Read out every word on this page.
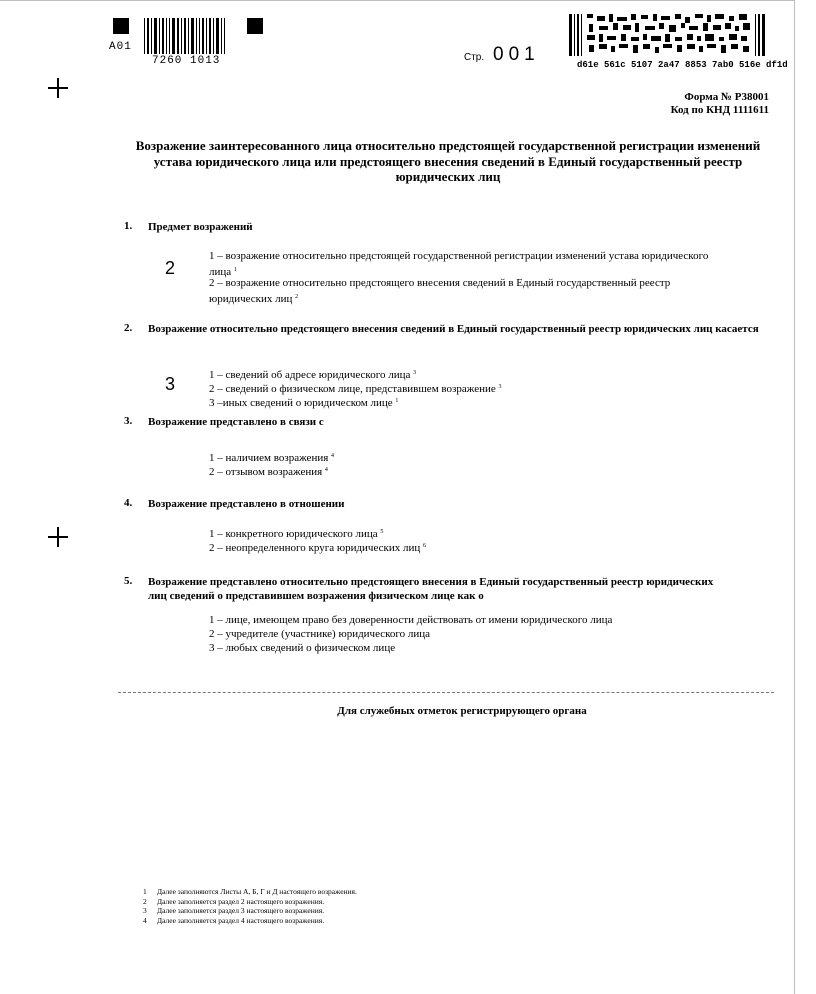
A01
7260 1013	Стр. 001	d61e 561c 5107 2a47 8853 7ab0 516e df1d
Форма № Р38001
Код по КНД 1111611
Возражение заинтересованного лица относительно предстоящей государственной регистрации изменений устава юридического лица или предстоящего внесения сведений в Единый государственный реестр юридических лиц
1. Предмет возражений
2
1 – возражение относительно предстоящей государственной регистрации изменений устава юридического лица $^1$
2 – возражение относительно предстоящего внесения сведений в Единый государственный реестр юридических лиц $^2$
2. Возражение относительно предстоящего внесения сведений в Единый государственный реестр юридических лиц касается
3	1 – сведений об адресе юридического лица $^3$
2 – сведений о физическом лице, представившем возражение $^3$
3 –иных сведений о юридическом лице $^1$
3. Возражение представлено в связи с
1 – наличием возражения $^4$
2 – отзывом возражения $^4$
4. Возражение представлено в отношении
1 – конкретного юридического лица $^5$
2 – неопределенного круга юридических лиц $^6$
5. Возражение представлено относительно предстоящего внесения в Единый государственный реестр юридических лиц сведений о представившем возражения физическом лице как о
1 – лице, имеющем право без доверенности действовать от имени юридического лица
2 – учредителе (участнике) юридического лица
3 – любых сведений о физическом лице
Для служебных отметок регистрирующего органа
1 Далее заполняются Листы А, Б, Г и Д настоящего возражения.
2 Далее заполняется раздел 2 настоящего возражения.
3 Далее заполняется раздел 3 настоящего возражения.
4 Далее заполняется раздел 4 настоящего возражения.
